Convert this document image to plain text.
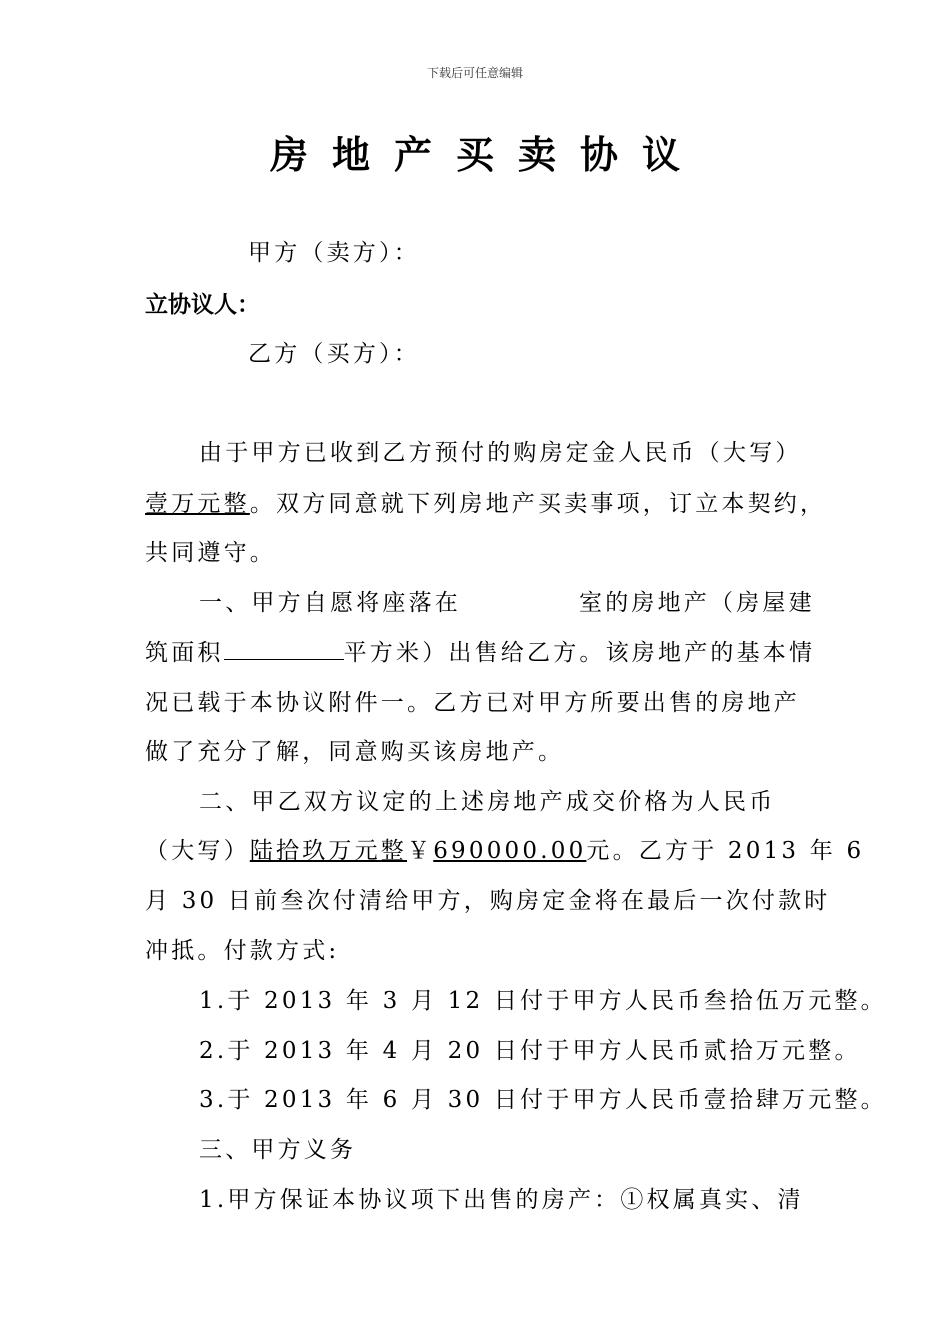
下载后可任意编辑
房地产买卖协议
甲方（卖方）：
立协议人：
乙方（买方）：
由于甲方已收到乙方预付的购房定金人民币（大写）
壹万元整。双方同意就下列房地产买卖事项，订立本契约，
共同遵守。
一、甲方自愿将座落在	室的房地产（房屋建
筑面积	平方米）出售给乙方。该房地产的基本情
况已载于本协议附件一。乙方已对甲方所要出售的房地产
做了充分了解，同意购买该房地产。
二、甲乙双方议定的上述房地产成交价格为人民币
（大写）陆拾玖万元整￥690000.00元。乙方于 2013 年 6
月 30 日前叁次付清给甲方，购房定金将在最后一次付款时
冲抵。付款方式:
1.于 2013 年 3 月 12 日付于甲方人民币叁拾伍万元整。
2.于 2013 年 4 月 20 日付于甲方人民币贰拾万元整。
3.于 2013 年 6 月 30 日付于甲方人民币壹拾肆万元整。
三、甲方义务
1.甲方保证本协议项下出售的房产：①权属真实、清
